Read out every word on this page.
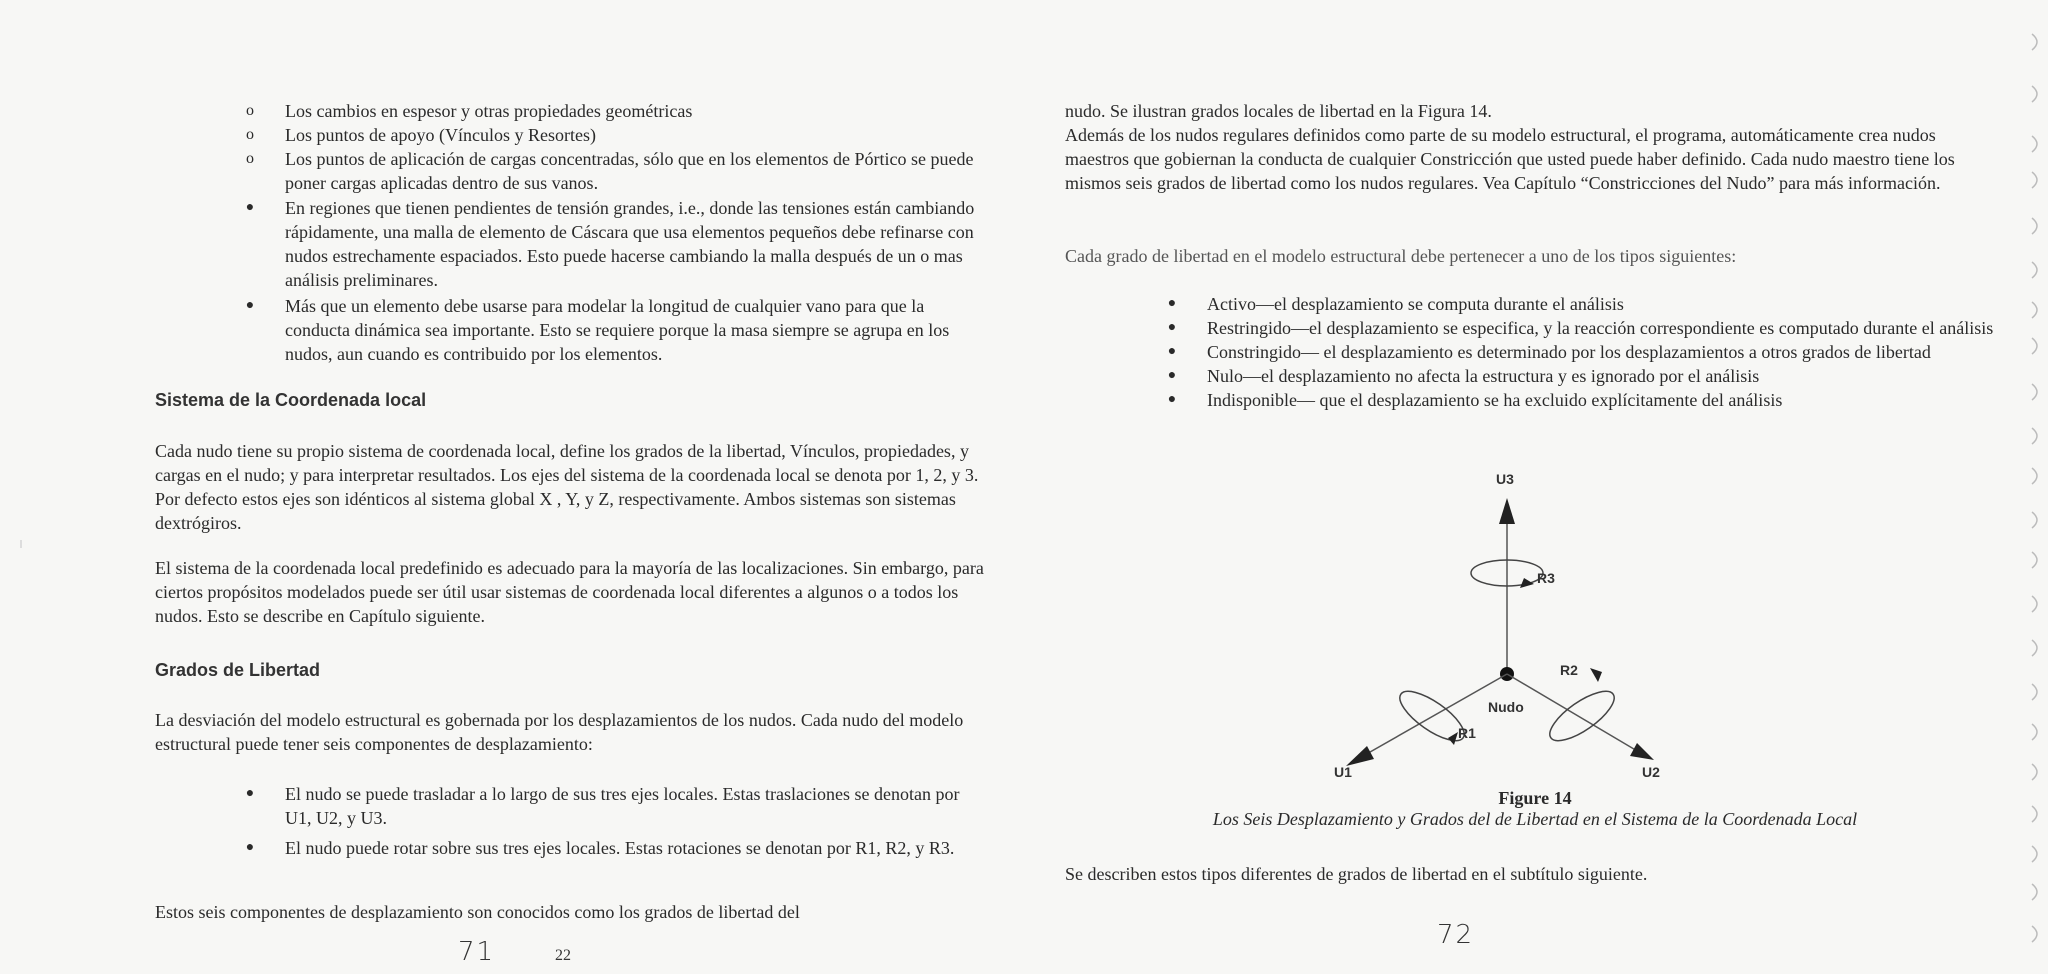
o	Los cambios en espesor y otras propiedades geométricas
o	Los puntos de apoyo (Vínculos y Resortes)
o	Los puntos de aplicación de cargas concentradas, sólo que en los elementos de Pórtico se puede poner cargas aplicadas dentro de sus vanos.
●	En regiones que tienen pendientes de tensión grandes, i.e., donde las tensiones están cambiando rápidamente, una malla de elemento de Cáscara que usa elementos pequeños debe refinarse con nudos estrechamente espaciados. Esto puede hacerse cambiando la malla después de un o mas análisis preliminares.
●	Más que un elemento debe usarse para modelar la longitud de cualquier vano para que la conducta dinámica sea importante. Esto se requiere porque la masa siempre se agrupa en los nudos, aun cuando es contribuido por los elementos.
Sistema de la Coordenada local

Cada nudo tiene su propio sistema de coordenada local, define los grados de la libertad, Vínculos, propiedades, y cargas en el nudo; y para interpretar resultados. Los ejes del sistema de la coordenada local se denota por 1, 2, y 3. Por defecto estos ejes son idénticos al sistema global X , Y, y Z, respectivamente. Ambos sistemas son sistemas dextrógiros.

El sistema de la coordenada local predefinido es adecuado para la mayoría de las localizaciones. Sin embargo, para ciertos propósitos modelados puede ser útil usar sistemas de coordenada local diferentes a algunos o a todos los nudos. Esto se describe en Capítulo siguiente.

Grados de Libertad

La desviación del modelo estructural es gobernada por los desplazamientos de los nudos. Cada nudo del modelo estructural puede tener seis componentes de desplazamiento:

●	El nudo se puede trasladar a lo largo de sus tres ejes locales. Estas traslaciones se denotan por U1, U2, y U3.
●	El nudo puede rotar sobre sus tres ejes locales. Estas rotaciones se denotan por R1, R2, y R3.

Estos seis componentes de desplazamiento son conocidos como los grados de libertad del

71	22

nudo. Se ilustran grados locales de libertad en la Figura 14.

Además de los nudos regulares definidos como parte de su modelo estructural, el programa, automáticamente crea nudos maestros que gobiernan la conducta de cualquier Constricción que usted puede haber definido. Cada nudo maestro tiene los mismos seis grados de libertad como los nudos regulares. Vea Capítulo “Constricciones del Nudo” para más información.

Cada grado de libertad en el modelo estructural debe pertenecer a uno de los tipos siguientes:

●	Activo—el desplazamiento se computa durante el análisis
●	Restringido—el desplazamiento se especifica, y la reacción correspondiente es computado durante el análisis
●	Constringido— el desplazamiento es determinado por los desplazamientos a otros grados de libertad
●	Nulo—el desplazamiento no afecta la estructura y es ignorado por el análisis
●	Indisponible— que el desplazamiento se ha excluido explícitamente del análisis
U3
R3
Nudo
U1	U2
R1
R2
Figure 14
Los Seis Desplazamiento y Grados del de Libertad en el Sistema de la Coordenada Local

Se describen estos tipos diferentes de grados de libertad en el subtítulo siguiente.

72
